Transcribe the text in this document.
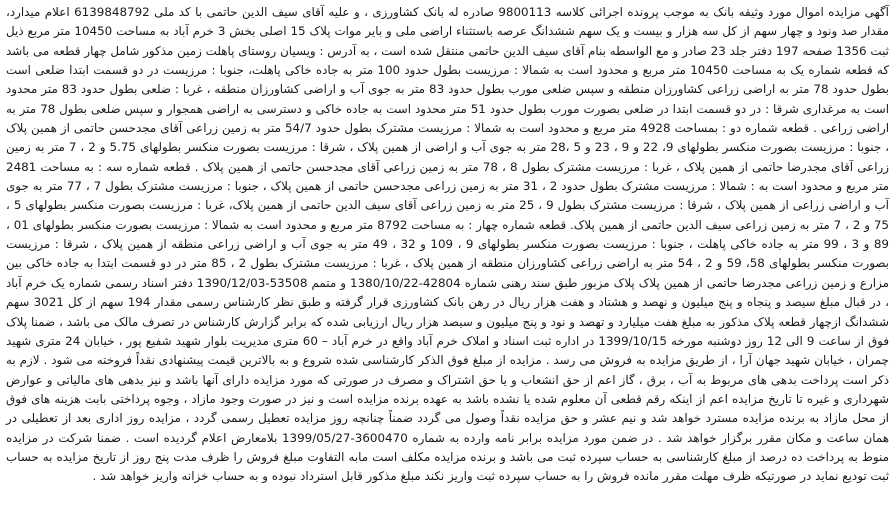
آگهی مزایده اموال مورد وثیقه بانک به موجب پرونده اجرائی کلاسه 9800113 صادره له بانک کشاورزی ، و علیه آقای سیف الدین حاتمی با کد ملی 6139848792 اعلام میدارد، مقدار صد ونود و چهار سهم از کل سه هزار و بیست و یک سهم ششدانگ عرصه باستثناء اراضی ملی و بایر موات پلاک 15 اصلی بخش 3 خرم آباد به مساحت 10450 متر مربع ذیل ثبت 1356 صفحه 197 دفتر جلد 23 صادر و مع الواسطه بنام آقای سیف الدین حاتمی منتقل شده است ، به آدرس : ویسیان روستای پاهلت زمین مذکور شامل چهار قطعه می باشد که قطعه شماره یک به مساحت 10450 متر مربع و محدود است به شمالا : مرزیست بطول حدود 100 متر به جاده خاکی پاهلت، جنوبا : مرزیست در دو قسمت ابتدا ضلعی است بطول حدود 78 متر به اراضی زراعی کشاورزان منطقه و سپس ضلعی مورب بطول حدود 83 متر به جوی آب و اراضی کشاورزان منطقه ، غربا : ضلعی بطول حدود 83 متر محدود است به مرغداری شرقا : در دو قسمت ابتدا در ضلعی بصورت مورب بطول حدود 51 متر محدود است به جاده خاکی و دسترسی به اراضی همجوار و سپس ضلعی بطول 78 متر به اراضی زراعی . قطعه شماره دو : بمساحت 4928 متر مربع و محدود است به شمالا : مرزیست مشترک بطول حدود 54/7 متر به زمین زراعی آقای مجدحسن حاتمی از همین پلاک ، جنوبا : مرزیست بصورت منکسر بطولهای 9، 22 و 9 ، 23 و 5 ،28 متر به جوی آب و اراضی از همین پلاک ، شرقا : مرزیست بصورت منکسر بطولهای 5.75 و 2 ، 7 متر به زمین زراعی آقای مجدرضا حاتمی از همین پلاک ، غربا : مرزیست مشترک بطول 8 ، 78 متر به زمین زراعی آقای مجدحسن حاتمی از همین پلاک . قطعه شماره سه : به مساحت 2481 متر مربع و محدود است به : شمالا : مرزیست مشترک بطول حدود 2 ، 31 متر به زمین زراعی مجدحسن حاتمی از همین پلاک ، جنوبا : مرزیست مشترک بطول 7 ، 77 متر به جوی آب و اراضی زراعی از همین پلاک ، شرقا : مرزیست مشترک بطول 9 ، 25 متر به زمین زراعی آقای سیف الدین حاتمی از همین پلاک، غربا : مرزیست بصورت منکسر بطولهای 5 ، 75 و 2 ، 7 متر به زمین زراعی سیف الدین حاتمی از همین پلاک. قطعه شماره چهار : به مساحت 8792 متر مربع و محدود است به شمالا : مرزیست بصورت منکسر بطولهای 01 ، 89 و 3 ، 99 متر به جاده خاکی پاهلت ، جنوبا : مرزیست بصورت منکسر بطولهای 9 ، 109 و 32 ، 49 متر به جوی آب و اراضی زراعی منطقه از همین پلاک ، شرقا : مرزیست بصورت منکسر بطولهای 58، 59 و 2 ، 54 متر به اراضی زراعی کشاورزان منطقه از همین پلاک ، غربا : مرزیست مشترک بطول 2 ، 85 متر در دو قسمت ابتدا به جاده خاکی بین مزارع و زمین زراعی مجدرضا حاتمی از همین پلاک پلاک مزبور طبق سند رهنی شماره 42804-1380/10/22 و متمم 53508-1390/12/03 دفتر اسناد رسمی شماره یک خرم آباد ، در قبال مبلغ سیصد و پنجاه و پنج میلیون و نهصد و هشتاد و هفت هزار ریال در رهن بانک کشاورزی قرار گرفته و طبق نظر کارشناس رسمی مقدار 194 سهم از کل 3021 سهم ششدانگ ازچهار قطعه پلاک مذکور به مبلغ هفت میلیارد و تهصد و نود و پنج میلیون و سیصد هزار ریال ارزیابی شده که برابر گزارش کارشناس در تصرف مالک می باشد ، ضمنا پلاک فوق از ساعت 9 الی 12 روز دوشنبه مورخه 1399/10/15 در اداره ثبت اسناد و املاک خرم آباد واقع در خرم آباد – 60 متری مدیریت بلوار شهید شفیع پور ، خیابان 24 متری شهید چمران ، خیابان شهید جهان آرا ، از طریق مزایده به فروش می رسد . مزایده از مبلغ فوق الذکر کارشناسی شده شروع و به بالاترین قیمت پیشنهادی نقداً فروخته می شود . لازم به ذکر است پرداخت بدهی های مربوط به آب ، برق ، گاز اعم از حق انشعاب و یا حق اشتراک و مصرف در صورتی که مورد مزایده دارای آنها باشد و نیز بدهی های مالیاتی و عوارض شهرداری و غیره تا تاریخ مزایده اعم از اینکه رقم قطعی آن معلوم شده یا نشده باشد به عهده برنده مزایده است و نیز در صورت وجود مازاد ، وجوه پرداختی بابت هزینه های فوق از محل مازاد به برنده مزایده مسترد خواهد شد و نیم عشر و حق مزایده نقداً وصول می گردد ضمناً چنانچه روز مزایده تعطیل رسمی گردد ، مزایده روز اداری بعد از تعطیلی در همان ساعت و مکان مقرر برگزار خواهد شد . در ضمن مورد مزایده برابر نامه وارده به شماره 3600470-1399/05/27 بلامعارض اعلام گردیده است . ضمنا شرکت در مزایده منوط به پرداخت ده درصد از مبلغ کارشناسی به حساب سپرده ثبت می باشد و برنده مزایده مکلف است مابه التفاوت مبلغ فروش را ظرف مدت پنج روز از تاریخ مزایده به حساب ثبت تودیع نماید در صورتیکه ظرف مهلت مقرر مانده فروش را به حساب سپرده ثبت واریز نکند مبلغ مذکور قابل استرداد نبوده و به حساب خزانه واریز خواهد شد .
